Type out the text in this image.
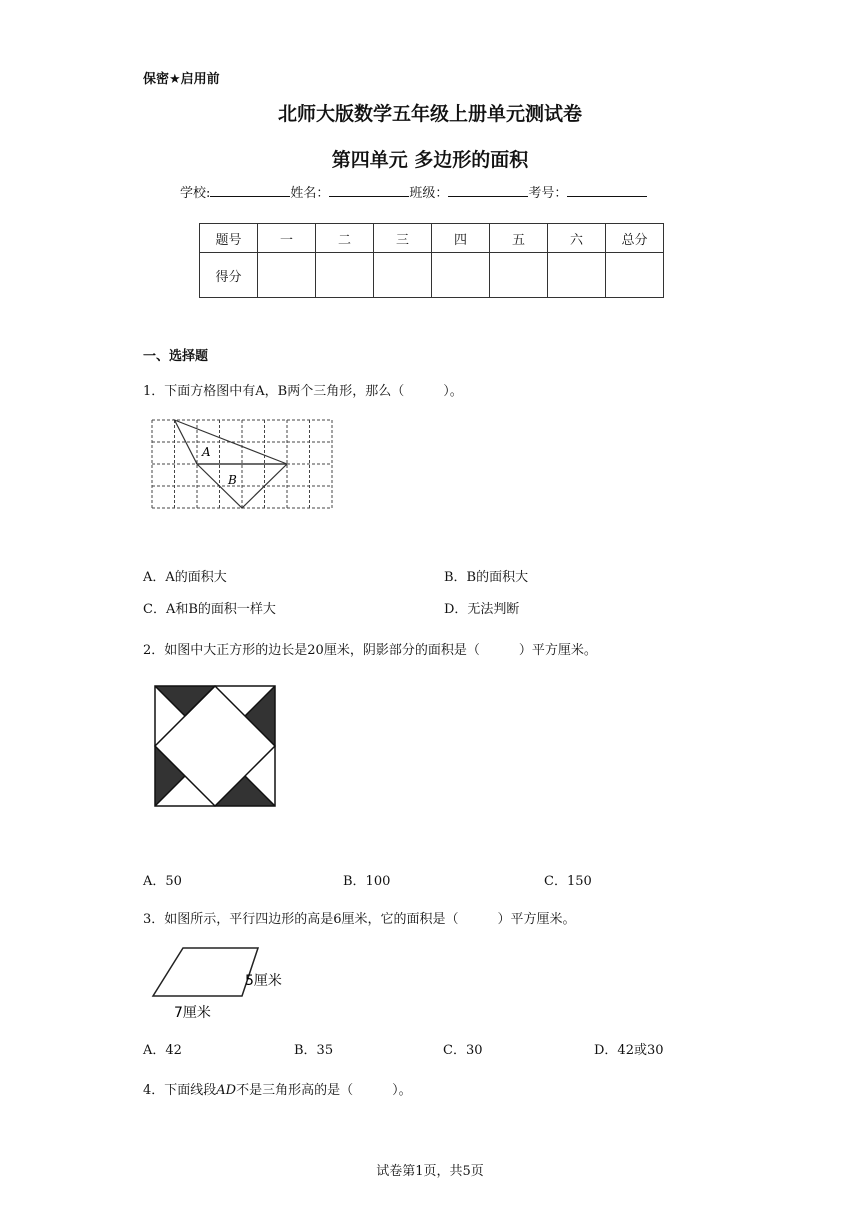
保密★启用前
北师大版数学五年级上册单元测试卷
第四单元 多边形的面积
学校:	姓名：	班级：	考号：
题号	一	二	三	四	五	六	总分
得分							
一、选择题
1．下面方格图中有A，B两个三角形，那么（　　　）。
A
B
A．A的面积大	B．B的面积大
C．A和B的面积一样大	D．无法判断
2．如图中大正方形的边长是20厘米，阴影部分的面积是（　　　）平方厘米。
A．50	B．100	C．150
3．如图所示，平行四边形的高是6厘米，它的面积是（　　　）平方厘米。
5厘米
7厘米
A．42	B．35	C．30	D．42或30
4．下面线段AD不是三角形高的是（　　　）。
试卷第1页，共5页
